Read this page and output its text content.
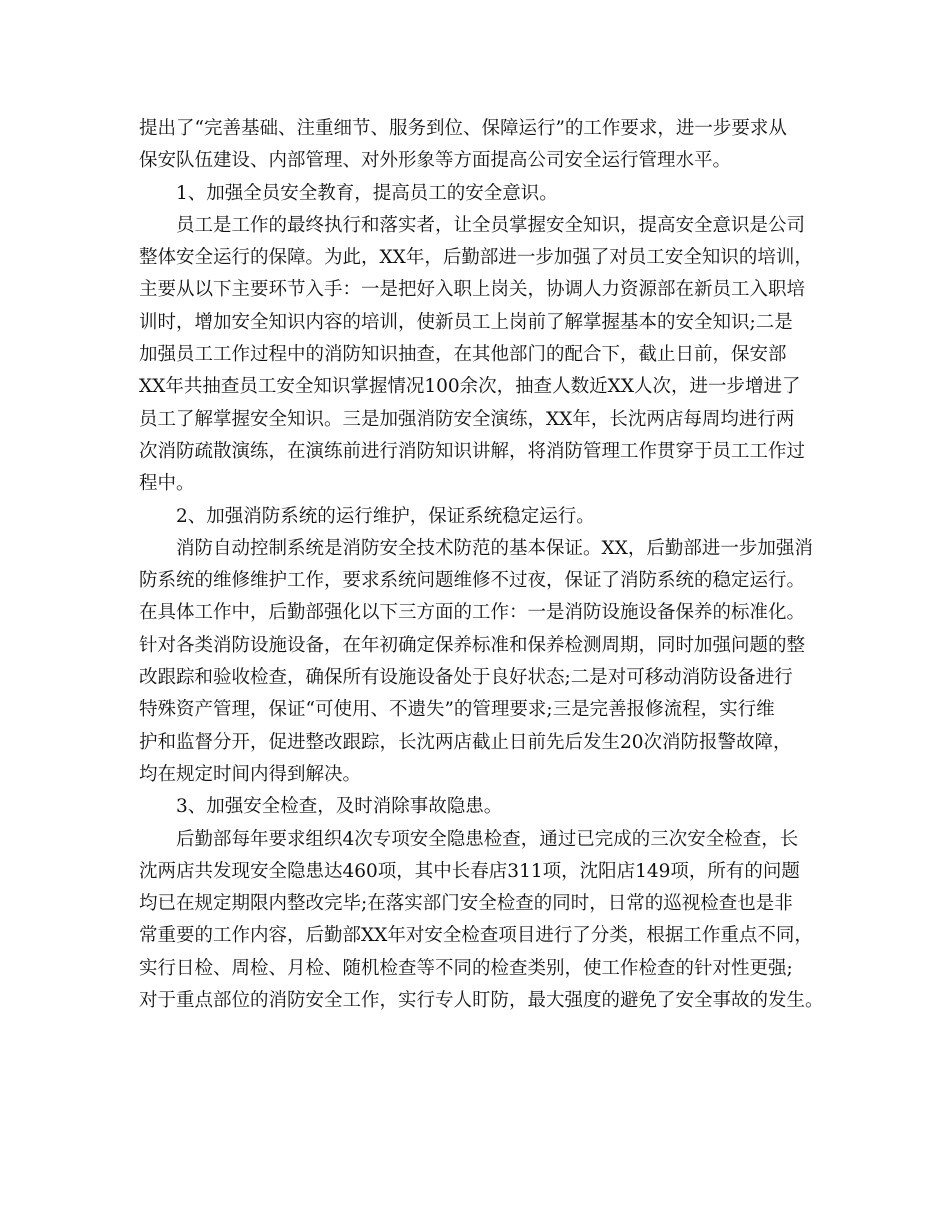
提出了“完善基础、注重细节、服务到位、保障运行”的工作要求，进一步要求从
保安队伍建设、内部管理、对外形象等方面提高公司安全运行管理水平。
1、加强全员安全教育，提高员工的安全意识。
员工是工作的最终执行和落实者，让全员掌握安全知识，提高安全意识是公司
整体安全运行的保障。为此，XX年，后勤部进一步加强了对员工安全知识的培训，
主要从以下主要环节入手：一是把好入职上岗关，协调人力资源部在新员工入职培
训时，增加安全知识内容的培训，使新员工上岗前了解掌握基本的安全知识;二是
加强员工工作过程中的消防知识抽查，在其他部门的配合下，截止日前，保安部
XX年共抽查员工安全知识掌握情况100余次，抽查人数近XX人次，进一步增进了
员工了解掌握安全知识。三是加强消防安全演练，XX年，长沈两店每周均进行两
次消防疏散演练，在演练前进行消防知识讲解，将消防管理工作贯穿于员工工作过
程中。
2、加强消防系统的运行维护，保证系统稳定运行。
消防自动控制系统是消防安全技术防范的基本保证。XX，后勤部进一步加强消
防系统的维修维护工作，要求系统问题维修不过夜，保证了消防系统的稳定运行。
在具体工作中，后勤部强化以下三方面的工作：一是消防设施设备保养的标准化。
针对各类消防设施设备，在年初确定保养标准和保养检测周期，同时加强问题的整
改跟踪和验收检查，确保所有设施设备处于良好状态;二是对可移动消防设备进行
特殊资产管理，保证“可使用、不遗失”的管理要求;三是完善报修流程，实行维
护和监督分开，促进整改跟踪，长沈两店截止日前先后发生20次消防报警故障，
均在规定时间内得到解决。
3、加强安全检查，及时消除事故隐患。
后勤部每年要求组织4次专项安全隐患检查，通过已完成的三次安全检查，长
沈两店共发现安全隐患达460项，其中长春店311项，沈阳店149项，所有的问题
均已在规定期限内整改完毕;在落实部门安全检查的同时，日常的巡视检查也是非
常重要的工作内容，后勤部XX年对安全检查项目进行了分类，根据工作重点不同，
实行日检、周检、月检、随机检查等不同的检查类别，使工作检查的针对性更强;
对于重点部位的消防安全工作，实行专人盯防，最大强度的避免了安全事故的发生。
